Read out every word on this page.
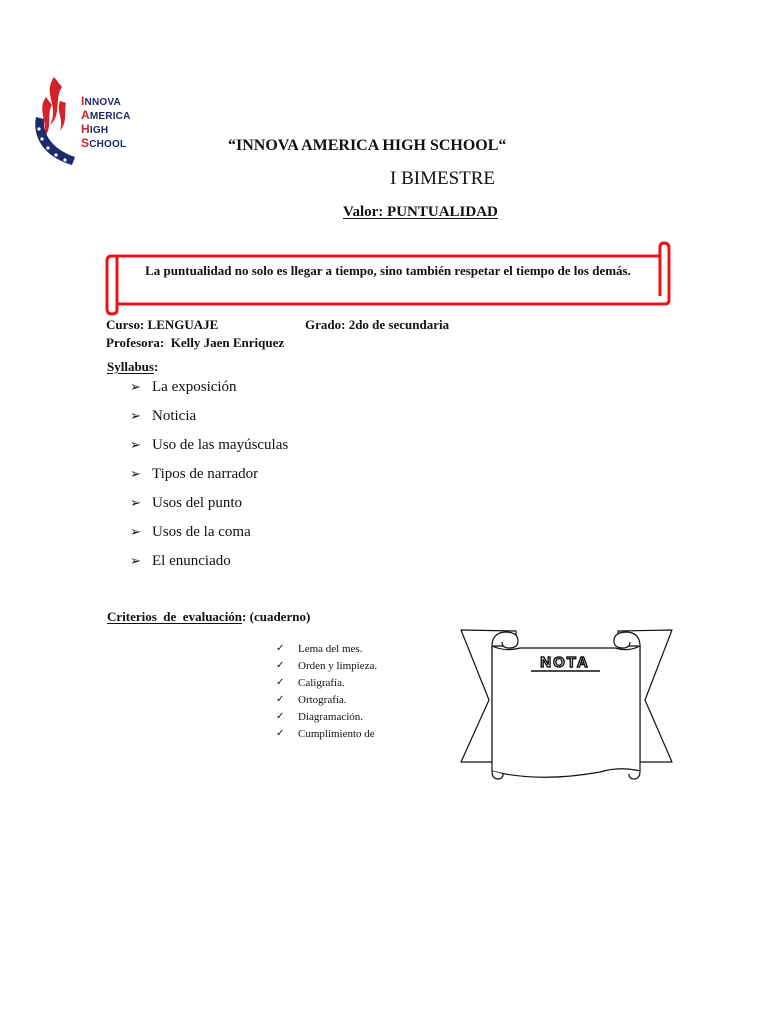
NOTA
INNOVA
AMERICA
HIGH
SCHOOL	“INNOVA AMERICA HIGH SCHOOL“
I BIMESTRE
Valor: PUNTUALIDAD
La puntualidad no solo es llegar a tiempo, sino también respetar el tiempo de los demás.
Curso: LENGUAJE	Grado: 2do de secundaria
Profesora:  Kelly Jaen Enriquez
Syllabus:
➢ La exposición
➢ Noticia
➢ Uso de las mayúsculas
➢ Tipos de narrador
➢ Usos del punto
➢ Usos de la coma
➢ El enunciado
Criterios  de  evaluación: (cuaderno)
✓ Lema del mes.
✓ Orden y limpieza.
✓ Caligrafía.
✓ Ortografía.
✓ Diagramación.
✓ Cumplimiento de
